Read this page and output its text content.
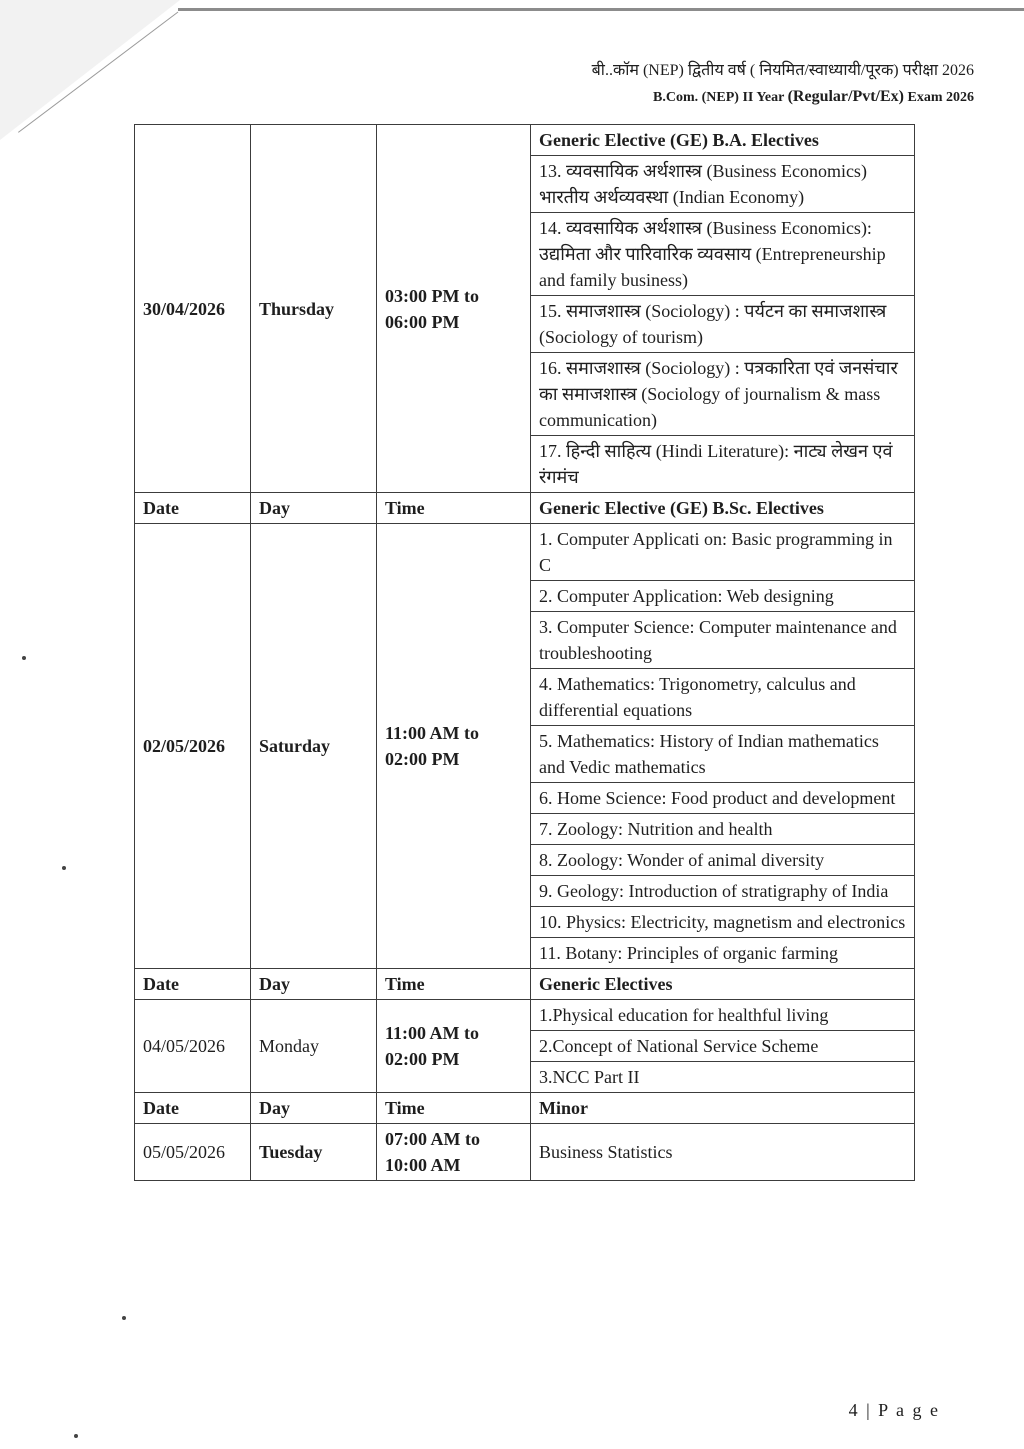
बी..कॉम (NEP) द्वितीय वर्ष ( नियमित/स्वाध्यायी/पूरक) परीक्षा 2026
B.Com. (NEP) II Year (Regular/Pvt/Ex) Exam 2026
30/04/2026	Thursday	03:00 PM to 06:00 PM	Generic Elective (GE) B.A. Electives
			13. व्यवसायिक अर्थशास्त्र (Business Economics) भारतीय अर्थव्यवस्था (Indian Economy)
			14. व्यवसायिक अर्थशास्त्र (Business Economics): उद्यमिता और पारिवारिक व्यवसाय (Entrepreneurship and family business)
			15. समाजशास्त्र (Sociology) : पर्यटन का समाजशास्त्र (Sociology of tourism)
			16. समाजशास्त्र (Sociology) : पत्रकारिता एवं जनसंचार का समाजशास्त्र (Sociology of journalism & mass communication)
			17. हिन्दी साहित्य (Hindi Literature): नाट्य लेखन एवं रंगमंच
Date	Day	Time	Generic Elective (GE) B.Sc. Electives
02/05/2026	Saturday	11:00 AM to 02:00 PM	1. Computer Applicati on: Basic programming in C
			2. Computer Application: Web designing
			3. Computer Science: Computer maintenance and troubleshooting
			4. Mathematics: Trigonometry, calculus and differential equations
			5. Mathematics: History of Indian mathematics and Vedic mathematics
			6. Home Science: Food product and development
			7. Zoology: Nutrition and health
			8. Zoology: Wonder of animal diversity
			9. Geology: Introduction of stratigraphy of India
			10. Physics: Electricity, magnetism and electronics
			11. Botany: Principles of organic farming
Date	Day	Time	Generic Electives
04/05/2026	Monday	11:00 AM to 02:00 PM	1.Physical education for healthful living
			2.Concept of National Service Scheme
			3.NCC Part II
Date	Day	Time	Minor
05/05/2026	Tuesday	07:00 AM to 10:00 AM	Business Statistics
4 | P a g e
